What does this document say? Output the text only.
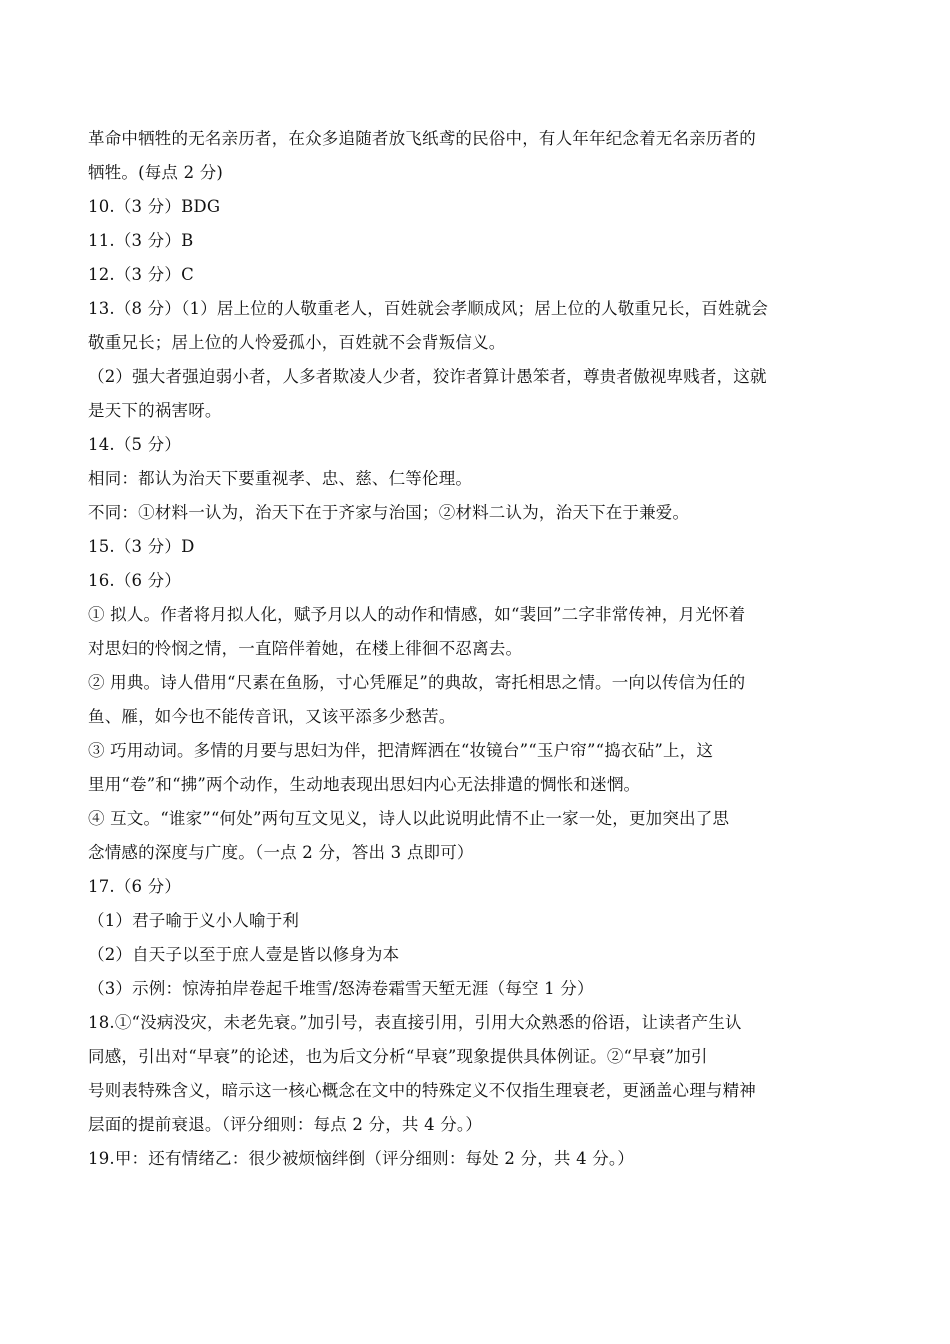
革命中牺牲的无名亲历者，在众多追随者放飞纸鸢的民俗中，有人年年纪念着无名亲历者的
牺牲。(每点 2 分)
10.（3 分）BDG
11.（3 分）B
12.（3 分）C
13.（8 分）（1）居上位的人敬重老人，百姓就会孝顺成风；居上位的人敬重兄长，百姓就会
敬重兄长；居上位的人怜爱孤小，百姓就不会背叛信义。
（2）强大者强迫弱小者，人多者欺凌人少者，狡诈者算计愚笨者，尊贵者傲视卑贱者，这就
是天下的祸害呀。
14.（5 分）
相同：都认为治天下要重视孝、忠、慈、仁等伦理。
不同：①材料一认为，治天下在于齐家与治国；②材料二认为，治天下在于兼爱。
15.（3 分）D
16.（6 分）
① 拟人。作者将月拟人化，赋予月以人的动作和情感，如“裴回”二字非常传神，月光怀着
对思妇的怜悯之情，一直陪伴着她，在楼上徘徊不忍离去。
② 用典。诗人借用“尺素在鱼肠，寸心凭雁足”的典故，寄托相思之情。一向以传信为任的
鱼、雁，如今也不能传音讯，又该平添多少愁苦。
③ 巧用动词。多情的月要与思妇为伴，把清辉洒在“妆镜台”“玉户帘”“捣衣砧”上，这
里用“卷”和“拂”两个动作，生动地表现出思妇内心无法排遣的惆怅和迷惘。
④ 互文。“谁家”“何处”两句互文见义，诗人以此说明此情不止一家一处，更加突出了思
念情感的深度与广度。（一点 2 分，答出 3 点即可）
17.（6 分）
（1）君子喻于义小人喻于利
（2）自天子以至于庶人壹是皆以修身为本
（3）示例：惊涛拍岸卷起千堆雪/怒涛卷霜雪天堑无涯（每空 1 分）
18.①“没病没灾，未老先衰。”加引号，表直接引用，引用大众熟悉的俗语，让读者产生认
同感，引出对“早衰”的论述，也为后文分析“早衰”现象提供具体例证。②“早衰”加引
号则表特殊含义，暗示这一核心概念在文中的特殊定义不仅指生理衰老，更涵盖心理与精神
层面的提前衰退。（评分细则：每点 2 分，共 4 分。）
19.甲：还有情绪乙：很少被烦恼绊倒（评分细则：每处 2 分，共 4 分。）
